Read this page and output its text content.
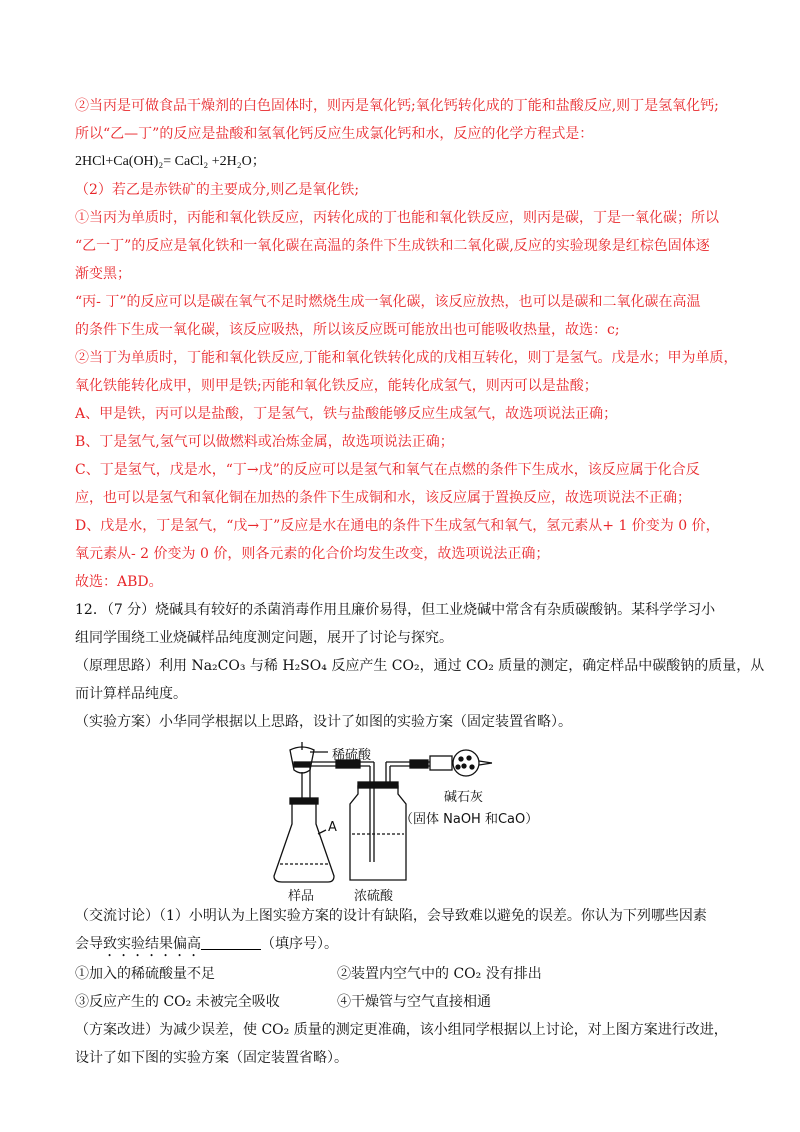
②当丙是可做食品干燥剂的白色固体时，则丙是氧化钙;氧化钙转化成的丁能和盐酸反应,则丁是氢氧化钙;
所以“乙—丁”的反应是盐酸和氢氧化钙反应生成氯化钙和水，反应的化学方程式是：
2HCl+Ca(OH)₂= CaCl₂ +2H₂O；
（2）若乙是赤铁矿的主要成分,则乙是氧化铁;
①当丙为单质时，丙能和氧化铁反应，丙转化成的丁也能和氧化铁反应，则丙是碳，丁是一氧化碳；所以
“乙一丁”的反应是氧化铁和一氧化碳在高温的条件下生成铁和二氧化碳,反应的实验现象是红棕色固体逐
渐变黑；
“丙- 丁”的反应可以是碳在氧气不足时燃烧生成一氧化碳，该反应放热，也可以是碳和二氧化碳在高温
的条件下生成一氧化碳，该反应吸热，所以该反应既可能放出也可能吸收热量，故选：c;
②当丁为单质时，丁能和氧化铁反应,丁能和氧化铁转化成的戊相互转化，则丁是氢气。戊是水；甲为单质，
氧化铁能转化成甲，则甲是铁;丙能和氧化铁反应，能转化成氢气，则丙可以是盐酸；
A、甲是铁，丙可以是盐酸，丁是氢气，铁与盐酸能够反应生成氢气，故选项说法正确；
B、丁是氢气,氢气可以做燃料或冶炼金属，故选项说法正确；
C、丁是氢气，戊是水，“丁→戊”的反应可以是氢气和氧气在点燃的条件下生成水，该反应属于化合反
应，也可以是氢气和氧化铜在加热的条件下生成铜和水，该反应属于置换反应，故选项说法不正确；
D、戊是水，丁是氢气，“戊→丁”反应是水在通电的条件下生成氢气和氧气，氢元素从+ 1 价变为 0 价，
氧元素从- 2 价变为 0 价，则各元素的化合价均发生改变，故选项说法正确；
故选：ABD。
12．（7 分）烧碱具有较好的杀菌消毒作用且廉价易得，但工业烧碱中常含有杂质碳酸钠。某科学学习小
组同学围绕工业烧碱样品纯度测定问题，展开了讨论与探究。
（原理思路）利用 Na₂CO₃ 与稀 H₂SO₄ 反应产生 CO₂，通过 CO₂ 质量的测定，确定样品中碳酸钠的质量，从
而计算样品纯度。
（实验方案）小华同学根据以上思路，设计了如图的实验方案（固定装置省略）。
稀硫酸
A
样品	浓硫酸
碱石灰
（固体 NaOH 和CaO）
（交流讨论）（1）小明认为上图实验方案的设计有缺陷，会导致难以避免的误差。你认为下列哪些因素
会导致实验结果偏高	（填序号）。
①加入的稀硫酸量不足	②装置内空气中的 CO₂ 没有排出
③反应产生的 CO₂ 未被完全吸收	④干燥管与空气直接相通
（方案改进）为减少误差，使 CO₂ 质量的测定更准确，该小组同学根据以上讨论，对上图方案进行改进，
设计了如下图的实验方案（固定装置省略）。
